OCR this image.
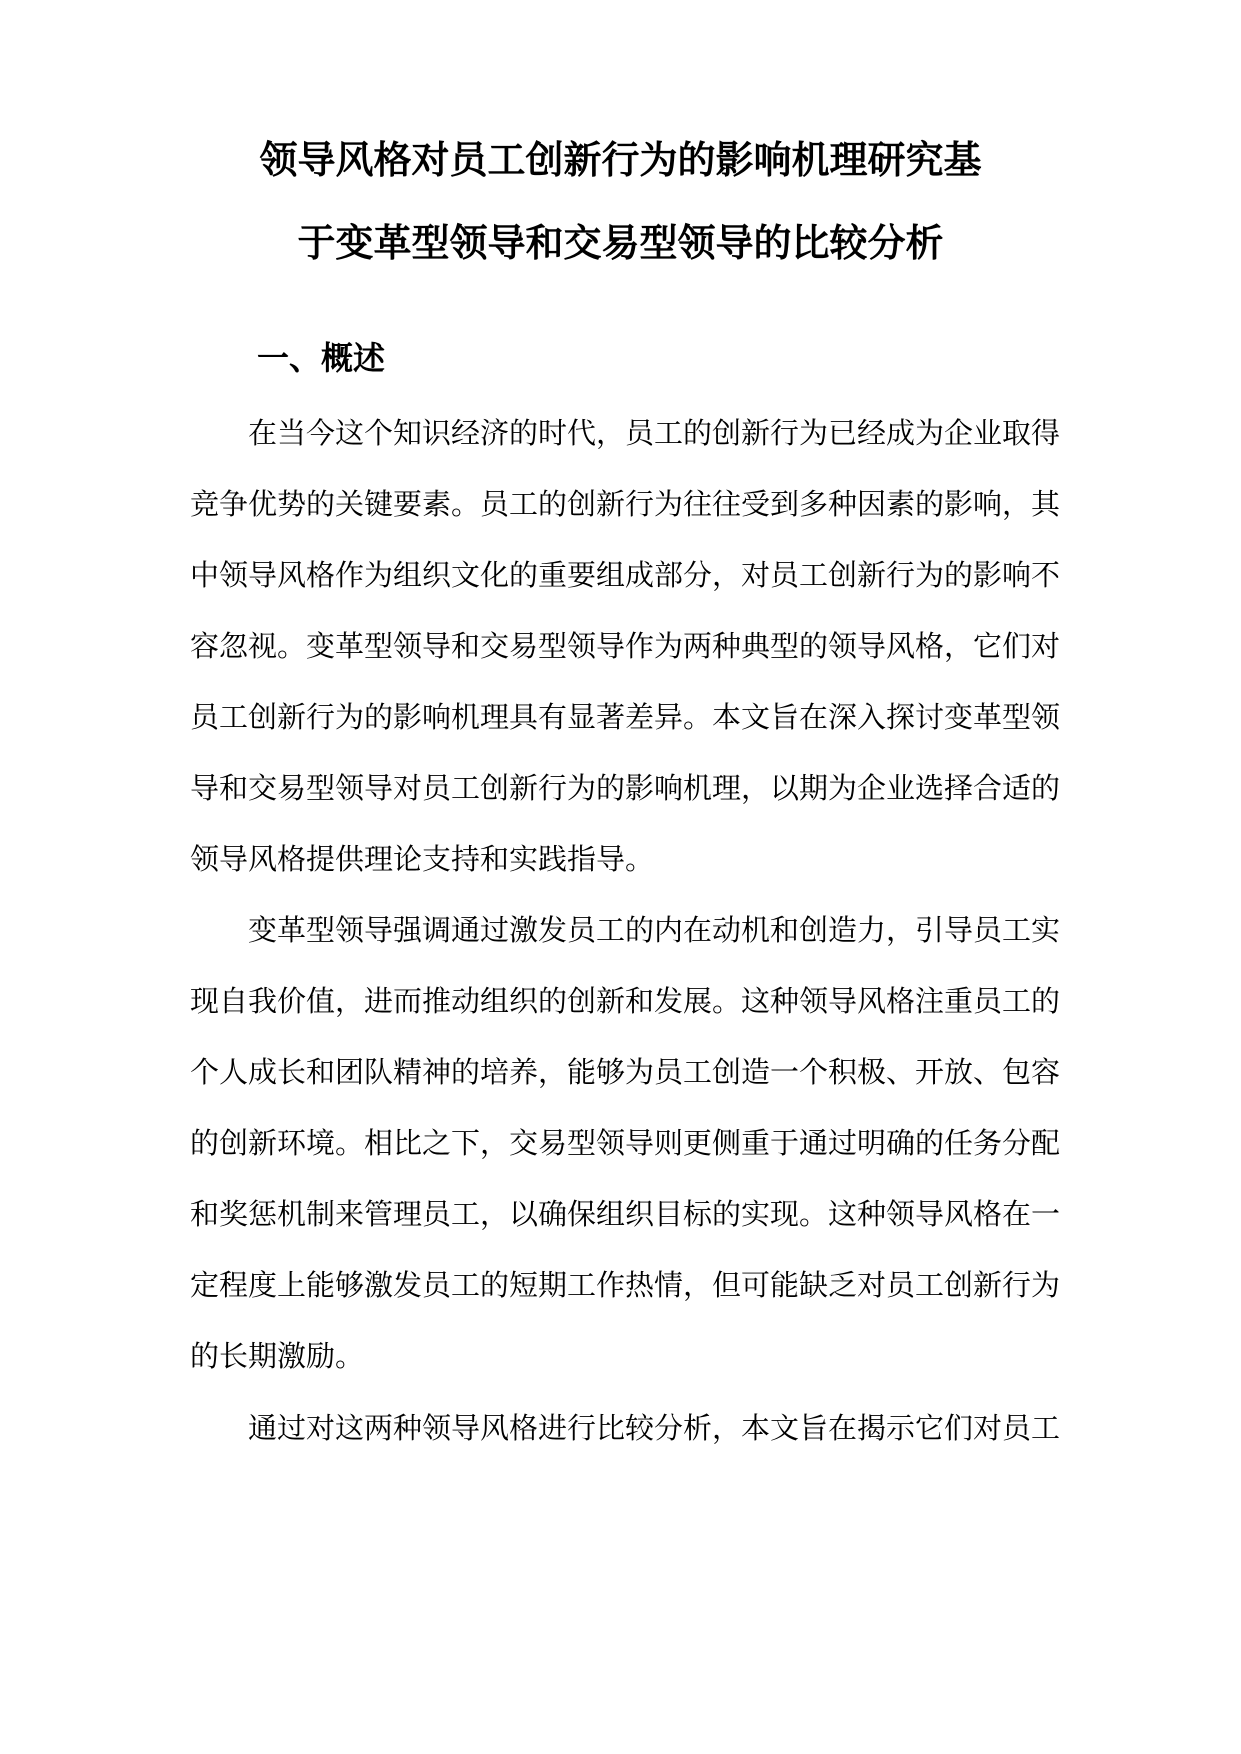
领导风格对员工创新行为的影响机理研究基
于变革型领导和交易型领导的比较分析
一、概述
在当今这个知识经济的时代，员工的创新行为已经成为企业取得
竞争优势的关键要素。员工的创新行为往往受到多种因素的影响，其
中领导风格作为组织文化的重要组成部分，对员工创新行为的影响不
容忽视。变革型领导和交易型领导作为两种典型的领导风格，它们对
员工创新行为的影响机理具有显著差异。本文旨在深入探讨变革型领
导和交易型领导对员工创新行为的影响机理，以期为企业选择合适的
领导风格提供理论支持和实践指导。
变革型领导强调通过激发员工的内在动机和创造力，引导员工实
现自我价值，进而推动组织的创新和发展。这种领导风格注重员工的
个人成长和团队精神的培养，能够为员工创造一个积极、开放、包容
的创新环境。相比之下，交易型领导则更侧重于通过明确的任务分配
和奖惩机制来管理员工，以确保组织目标的实现。这种领导风格在一
定程度上能够激发员工的短期工作热情，但可能缺乏对员工创新行为
的长期激励。
通过对这两种领导风格进行比较分析，本文旨在揭示它们对员工
